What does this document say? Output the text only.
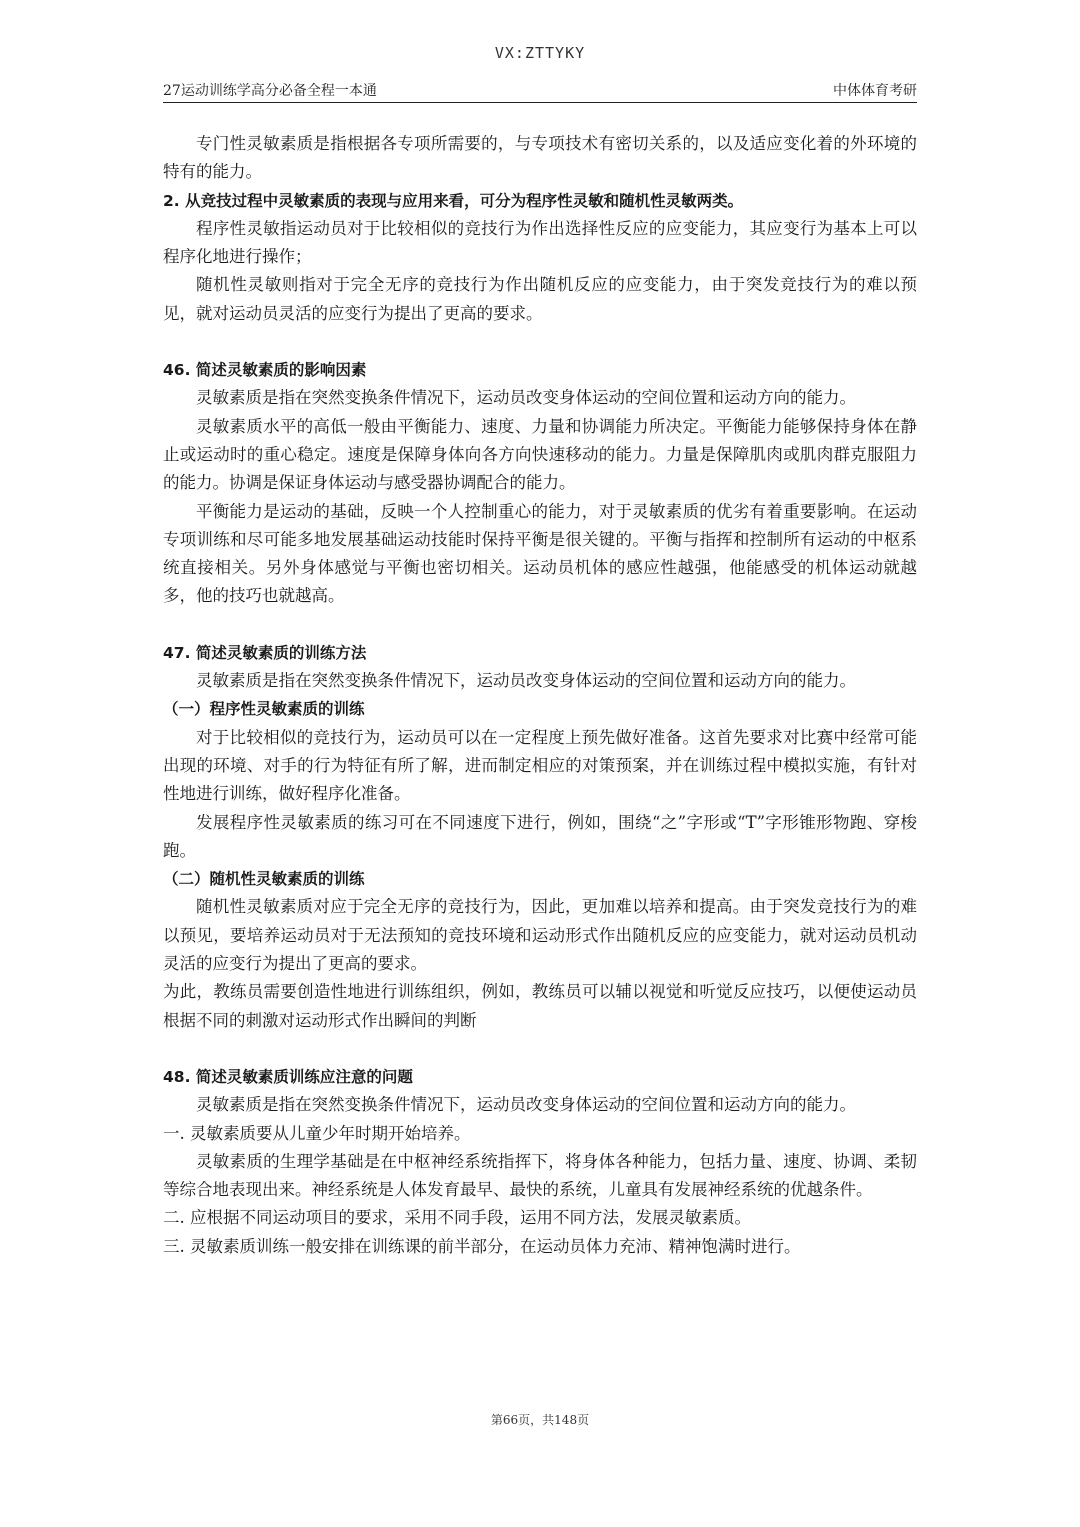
VX:ZTTYKY
27运动训练学高分必备全程一本通	中体体育考研

专门性灵敏素质是指根据各专项所需要的，与专项技术有密切关系的，以及适应变化着的外环境的特有的能力。

2. 从竞技过程中灵敏素质的表现与应用来看，可分为程序性灵敏和随机性灵敏两类。

程序性灵敏指运动员对于比较相似的竞技行为作出选择性反应的应变能力，其应变行为基本上可以程序化地进行操作；

随机性灵敏则指对于完全无序的竞技行为作出随机反应的应变能力，由于突发竞技行为的难以预见，就对运动员灵活的应变行为提出了更高的要求。

46. 简述灵敏素质的影响因素

灵敏素质是指在突然变换条件情况下，运动员改变身体运动的空间位置和运动方向的能力。

灵敏素质水平的高低一般由平衡能力、速度、力量和协调能力所决定。平衡能力能够保持身体在静止或运动时的重心稳定。速度是保障身体向各方向快速移动的能力。力量是保障肌肉或肌肉群克服阻力的能力。协调是保证身体运动与感受器协调配合的能力。

平衡能力是运动的基础，反映一个人控制重心的能力，对于灵敏素质的优劣有着重要影响。在运动专项训练和尽可能多地发展基础运动技能时保持平衡是很关键的。平衡与指挥和控制所有运动的中枢系统直接相关。另外身体感觉与平衡也密切相关。运动员机体的感应性越强，他能感受的机体运动就越多，他的技巧也就越高。

47. 简述灵敏素质的训练方法

灵敏素质是指在突然变换条件情况下，运动员改变身体运动的空间位置和运动方向的能力。

（一）程序性灵敏素质的训练

对于比较相似的竞技行为，运动员可以在一定程度上预先做好准备。这首先要求对比赛中经常可能出现的环境、对手的行为特征有所了解，进而制定相应的对策预案，并在训练过程中模拟实施，有针对性地进行训练，做好程序化准备。

发展程序性灵敏素质的练习可在不同速度下进行，例如，围绕“之”字形或“T”字形锥形物跑、穿梭跑。

（二）随机性灵敏素质的训练

随机性灵敏素质对应于完全无序的竞技行为，因此，更加难以培养和提高。由于突发竞技行为的难以预见，要培养运动员对于无法预知的竞技环境和运动形式作出随机反应的应变能力，就对运动员机动灵活的应变行为提出了更高的要求。

为此，教练员需要创造性地进行训练组织，例如，教练员可以辅以视觉和听觉反应技巧，以便使运动员根据不同的刺激对运动形式作出瞬间的判断

48. 简述灵敏素质训练应注意的问题

灵敏素质是指在突然变换条件情况下，运动员改变身体运动的空间位置和运动方向的能力。

一. 灵敏素质要从儿童少年时期开始培养。

灵敏素质的生理学基础是在中枢神经系统指挥下，将身体各种能力，包括力量、速度、协调、柔韧等综合地表现出来。神经系统是人体发育最早、最快的系统，儿童具有发展神经系统的优越条件。

二. 应根据不同运动项目的要求，采用不同手段，运用不同方法，发展灵敏素质。

三. 灵敏素质训练一般安排在训练课的前半部分，在运动员体力充沛、精神饱满时进行。

第66页，共148页
